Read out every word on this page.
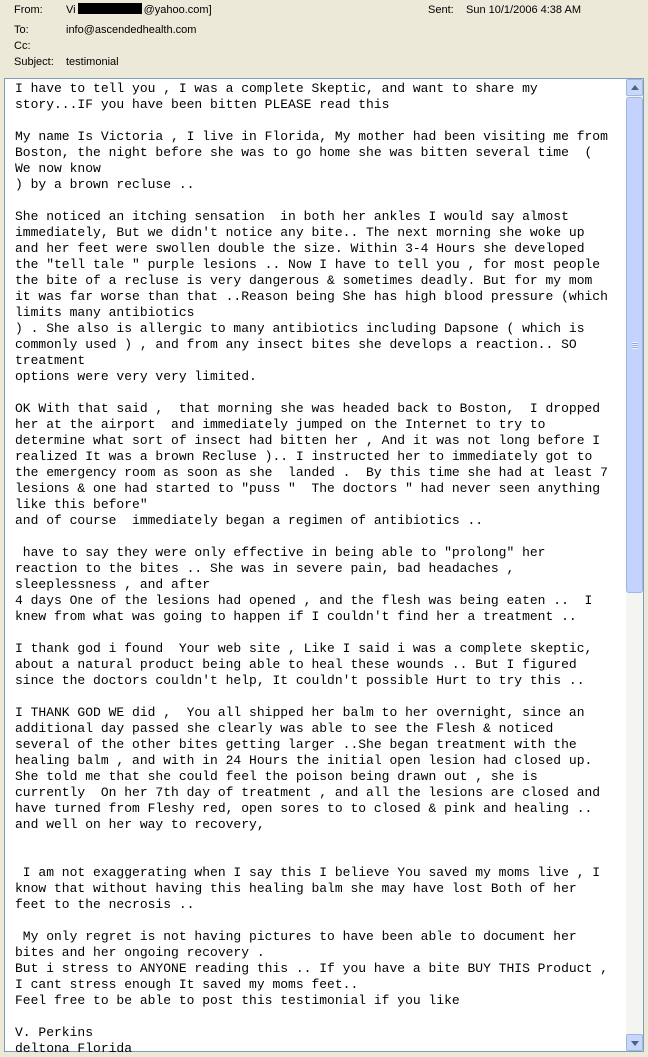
From:	Vi	@yahoo.com]	Sent: Sun 10/1/2006 4:38 AM
To:	info@ascendedhealth.com
Cc:
Subject:	testimonial
I have to tell you , I was a complete Skeptic, and want to share my
story...IF you have been bitten PLEASE read this

My name Is Victoria , I live in Florida, My mother had been visiting me from
Boston, the night before she was to go home she was bitten several time  (
We now know
) by a brown recluse ..

She noticed an itching sensation  in both her ankles I would say almost
immediately, But we didn't notice any bite.. The next morning she woke up
and her feet were swollen double the size. Within 3-4 Hours she developed
the "tell tale " purple lesions .. Now I have to tell you , for most people
the bite of a recluse is very dangerous & sometimes deadly. But for my mom
it was far worse than that ..Reason being She has high blood pressure (which
limits many antibiotics
) . She also is allergic to many antibiotics including Dapsone ( which is
commonly used ) , and from any insect bites she develops a reaction.. SO
treatment
options were very very limited.

OK With that said ,  that morning she was headed back to Boston,  I dropped
her at the airport  and immediately jumped on the Internet to try to
determine what sort of insect had bitten her , And it was not long before I
realized It was a brown Recluse ).. I instructed her to immediately got to
the emergency room as soon as she  landed .  By this time she had at least 7
lesions & one had started to "puss "  The doctors " had never seen anything
like this before"
and of course  immediately began a regimen of antibiotics ..

have to say they were only effective in being able to "prolong" her
reaction to the bites .. She was in severe pain, bad headaches ,
sleeplessness , and after
4 days One of the lesions had opened , and the flesh was being eaten ..  I
knew from what was going to happen if I couldn't find her a treatment ..

I thank god i found  Your web site , Like I said i was a complete skeptic,
about a natural product being able to heal these wounds .. But I figured
since the doctors couldn't help, It couldn't possible Hurt to try this ..

I THANK GOD WE did ,  You all shipped her balm to her overnight, since an
additional day passed she clearly was able to see the Flesh & noticed
several of the other bites getting larger ..She began treatment with the
healing balm , and with in 24 Hours the initial open lesion had closed up.
She told me that she could feel the poison being drawn out , she is
currently  On her 7th day of treatment , and all the lesions are closed and
have turned from Fleshy red, open sores to to closed & pink and healing ..
and well on her way to recovery,

I am not exaggerating when I say this I believe You saved my moms live , I
know that without having this healing balm she may have lost Both of her
feet to the necrosis ..

My only regret is not having pictures to have been able to document her
bites and her ongoing recovery .
But i stress to ANYONE reading this .. If you have a bite BUY THIS Product ,
I cant stress enough It saved my moms feet..
Feel free to be able to post this testimonial if you like

V. Perkins
deltona Florida
